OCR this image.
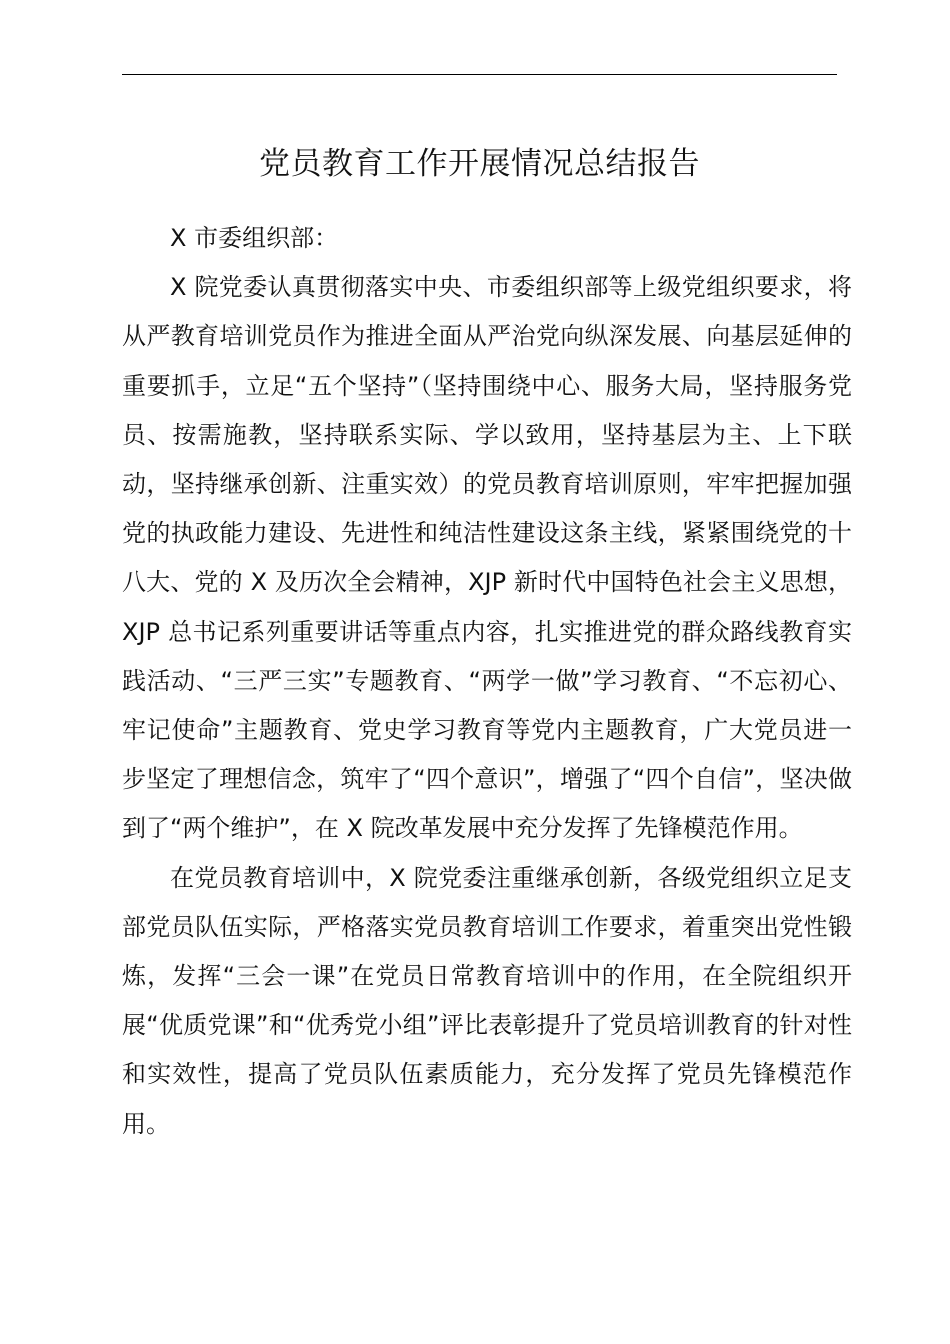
党员教育工作开展情况总结报告

X 市委组织部：

X 院党委认真贯彻落实中央、市委组织部等上级党组织要求，将从严教育培训党员作为推进全面从严治党向纵深发展、向基层延伸的重要抓手，立足“五个坚持”（坚持围绕中心、服务大局，坚持服务党员、按需施教，坚持联系实际、学以致用，坚持基层为主、上下联动，坚持继承创新、注重实效）的党员教育培训原则，牢牢把握加强党的执政能力建设、先进性和纯洁性建设这条主线，紧紧围绕党的十八大、党的 X 及历次全会精神，XJP 新时代中国特色社会主义思想，XJP 总书记系列重要讲话等重点内容，扎实推进党的群众路线教育实践活动、“三严三实”专题教育、“两学一做”学习教育、“不忘初心、牢记使命”主题教育、党史学习教育等党内主题教育，广大党员进一步坚定了理想信念，筑牢了“四个意识”，增强了“四个自信”，坚决做到了“两个维护”，在 X 院改革发展中充分发挥了先锋模范作用。

在党员教育培训中，X 院党委注重继承创新，各级党组织立足支部党员队伍实际，严格落实党员教育培训工作要求，着重突出党性锻炼，发挥“三会一课”在党员日常教育培训中的作用，在全院组织开展“优质党课”和“优秀党小组”评比表彰提升了党员培训教育的针对性和实效性，提高了党员队伍素质能力，充分发挥了党员先锋模范作用。
